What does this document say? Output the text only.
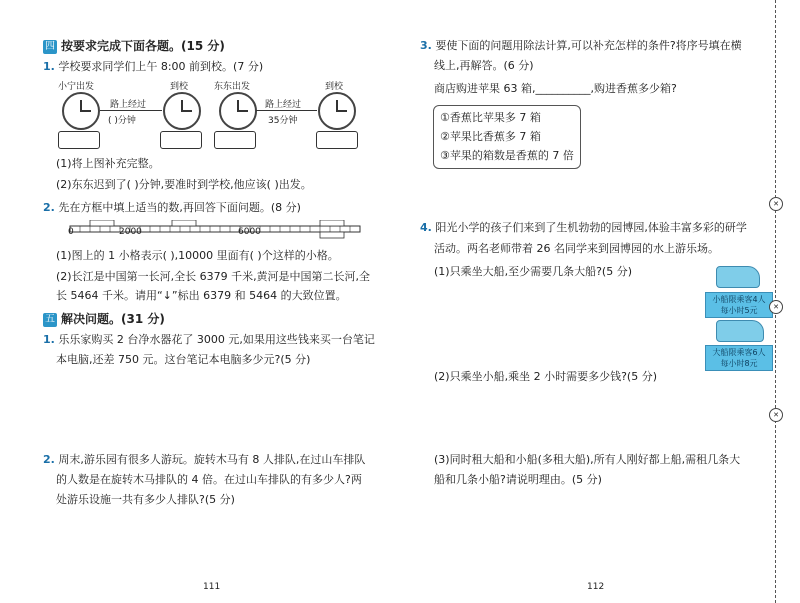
四 按要求完成下面各题。(15 分)
1. 学校要求同学们上午 8:00 前到校。(7 分)
小宁出发	到校	东东出发	到校
路上经过
( )分钟
路上经过
35分钟
(1)将上图补充完整。
(2)东东迟到了( )分钟,要准时到学校,他应该( )出发。
2. 先在方框中填上适当的数,再回答下面问题。(8 分)
0	2000	6000
(1)图上的 1 小格表示( ),10000 里面有( )个这样的小格。
(2)长江是中国第一长河,全长 6379 千米,黄河是中国第二长河,全
长 5464 千米。请用“↓”标出 6379 和 5464 的大致位置。
五 解决问题。(31 分)
1. 乐乐家购买 2 台净水器花了 3000 元,如果用这些钱来买一台笔记
本电脑,还差 750 元。这台笔记本电脑多少元?(5 分)
2. 周末,游乐园有很多人游玩。旋转木马有 8 人排队,在过山车排队
的人数是在旋转木马排队的 4 倍。在过山车排队的有多少人?两
处游乐设施一共有多少人排队?(5 分)
111
3. 要使下面的问题用除法计算,可以补充怎样的条件?将序号填在横
线上,再解答。(6 分)
商店购进苹果 63 箱,__________,购进香蕉多少箱?
①香蕉比苹果多 7 箱
②苹果比香蕉多 7 箱
③苹果的箱数是香蕉的 7 倍
4. 阳光小学的孩子们来到了生机勃勃的园博园,体验丰富多彩的研学
活动。两名老师带着 26 名同学来到园博园的水上游乐场。
(1)只乘坐大船,至少需要几条大船?(5 分)
小船限乘客4人
每小时5元
大船限乘客6人
每小时8元
(2)只乘坐小船,乘坐 2 小时需要多少钱?(5 分)
(3)同时租大船和小船(多租大船),所有人刚好都上船,需租几条大
船和几条小船?请说明理由。(5 分)
112
✕
✕
✕
